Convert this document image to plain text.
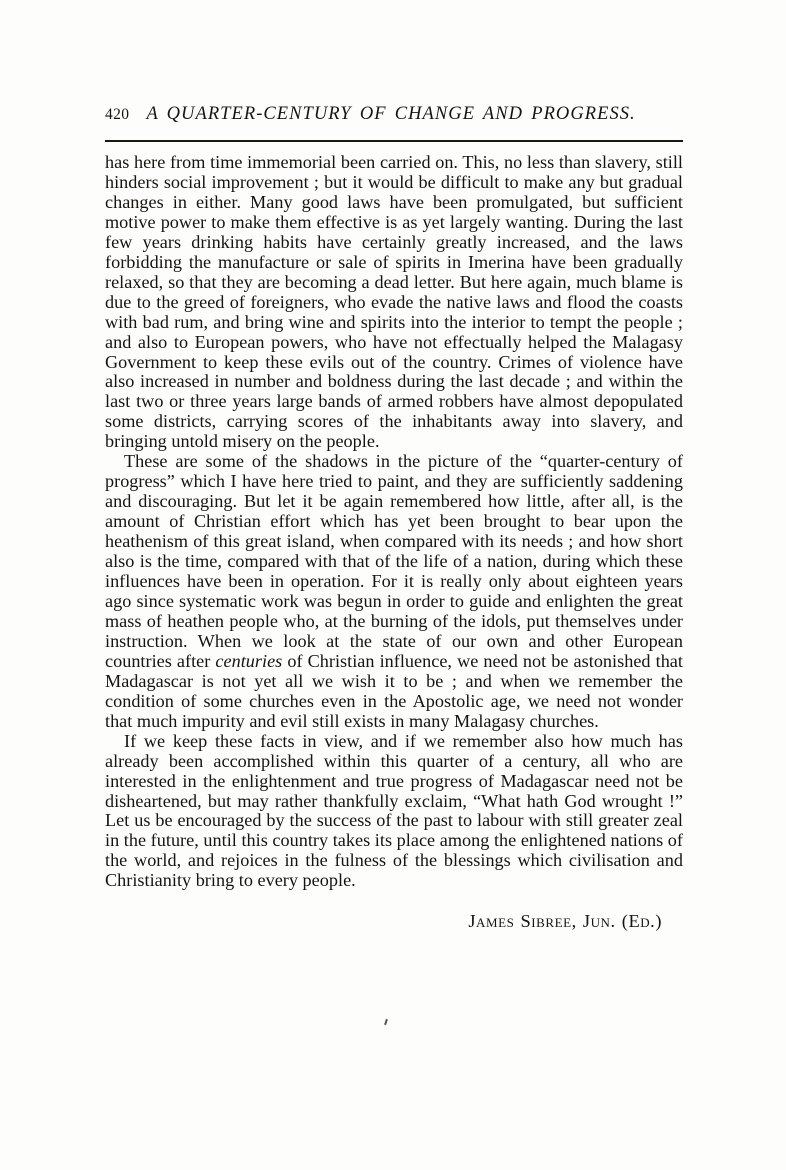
420 A QUARTER-CENTURY OF CHANGE AND PROGRESS.

has here from time immemorial been carried on. This, no less than slavery, still hinders social improvement ; but it would be difficult to make any but gradual changes in either. Many good laws have been promulgated, but sufficient motive power to make them effective is as yet largely wanting. During the last few years drinking habits have certainly greatly increased, and the laws forbidding the manufacture or sale of spirits in Imerina have been gradually relaxed, so that they are becoming a dead letter. But here again, much blame is due to the greed of foreigners, who evade the native laws and flood the coasts with bad rum, and bring wine and spirits into the interior to tempt the people ; and also to European powers, who have not effectually helped the Malagasy Government to keep these evils out of the country. Crimes of violence have also increased in number and boldness during the last decade ; and within the last two or three years large bands of armed robbers have almost depopulated some districts, carrying scores of the inhabitants away into slavery, and bringing untold misery on the people.

These are some of the shadows in the picture of the “quarter-century of progress” which I have here tried to paint, and they are sufficiently saddening and discouraging. But let it be again remembered how little, after all, is the amount of Christian effort which has yet been brought to bear upon the heathenism of this great island, when compared with its needs ; and how short also is the time, compared with that of the life of a nation, during which these influences have been in operation. For it is really only about eighteen years ago since systematic work was begun in order to guide and enlighten the great mass of heathen people who, at the burning of the idols, put themselves under instruction. When we look at the state of our own and other European countries after centuries of Christian influence, we need not be astonished that Madagascar is not yet all we wish it to be ; and when we remember the condition of some churches even in the Apostolic age, we need not wonder that much impurity and evil still exists in many Malagasy churches.

If we keep these facts in view, and if we remember also how much has already been accomplished within this quarter of a century, all who are interested in the enlightenment and true progress of Madagascar need not be disheartened, but may rather thankfully exclaim, “What hath God wrought !” Let us be encouraged by the success of the past to labour with still greater zeal in the future, until this country takes its place among the enlightened nations of the world, and rejoices in the fulness of the blessings which civilisation and Christianity bring to every people.

James Sibree, Jun. (Ed.)
